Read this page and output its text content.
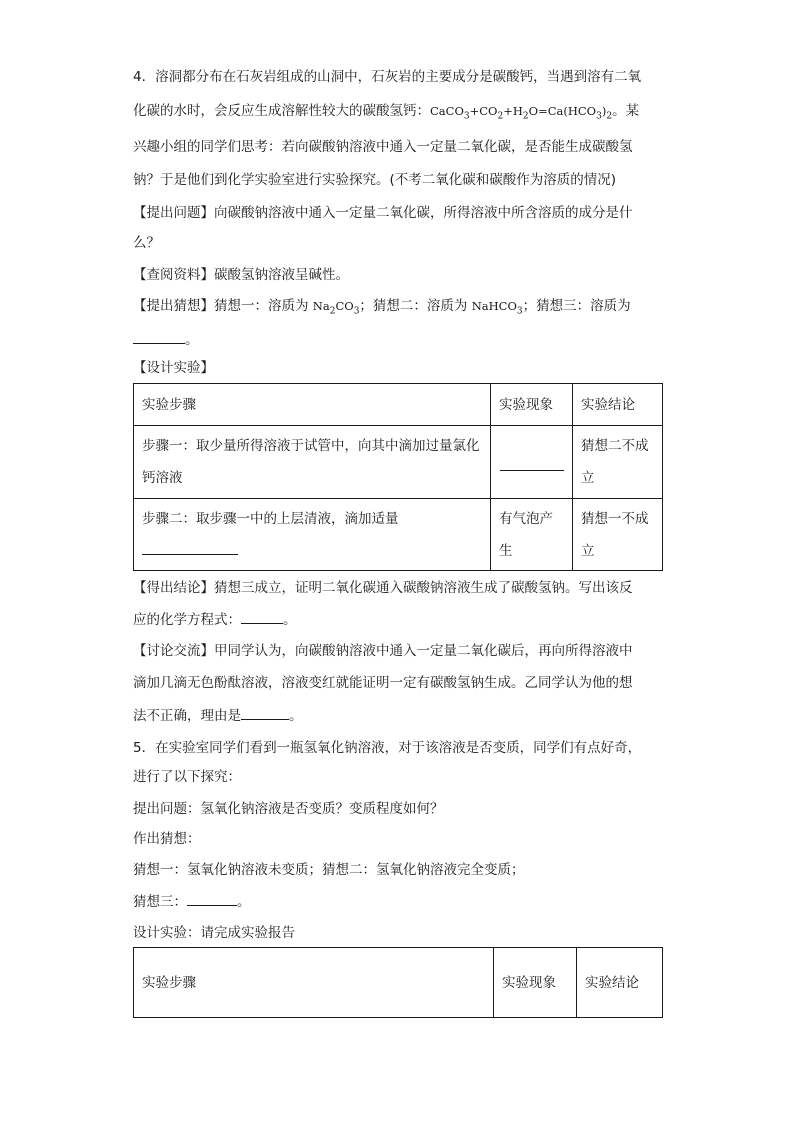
4．溶洞都分布在石灰岩组成的山洞中，石灰岩的主要成分是碳酸钙，当遇到溶有二氧
化碳的水时，会反应生成溶解性较大的碳酸氢钙：$CaCO_3+CO_2+H_2O=Ca(HCO_3)_2$。某
兴趣小组的同学们思考：若向碳酸钠溶液中通入一定量二氧化碳，是否能生成碳酸氢
钠？于是他们到化学实验室进行实验探究。(不考二氧化碳和碳酸作为溶质的情况)
【提出问题】向碳酸钠溶液中通入一定量二氧化碳，所得溶液中所含溶质的成分是什
么？
【查阅资料】碳酸氢钠溶液呈碱性。
【提出猜想】猜想一：溶质为 $Na_2CO_3$；猜想二：溶质为 NaHCO$_3$；猜想三：溶质为
。
【设计实验】
实验步骤	实验现象	实验结论
步骤一：取少量所得溶液于试管中，向其中滴加过量氯化钙溶液		猜想二不成立
步骤二：取步骤一中的上层清液，滴加适量	有气泡产生	猜想一不成立
【得出结论】猜想三成立，证明二氧化碳通入碳酸钠溶液生成了碳酸氢钠。写出该反
应的化学方程式：	。
【讨论交流】甲同学认为，向碳酸钠溶液中通入一定量二氧化碳后，再向所得溶液中
滴加几滴无色酚酞溶液，溶液变红就能证明一定有碳酸氢钠生成。乙同学认为他的想
法不正确，理由是	。
5．在实验室同学们看到一瓶氢氧化钠溶液，对于该溶液是否变质，同学们有点好奇，
进行了以下探究：
提出问题：氢氧化钠溶液是否变质？变质程度如何？
作出猜想：
猜想一：氢氧化钠溶液未变质；猜想二：氢氧化钠溶液完全变质；
猜想三：	。
设计实验：请完成实验报告
实验步骤	实验现象	实验结论
